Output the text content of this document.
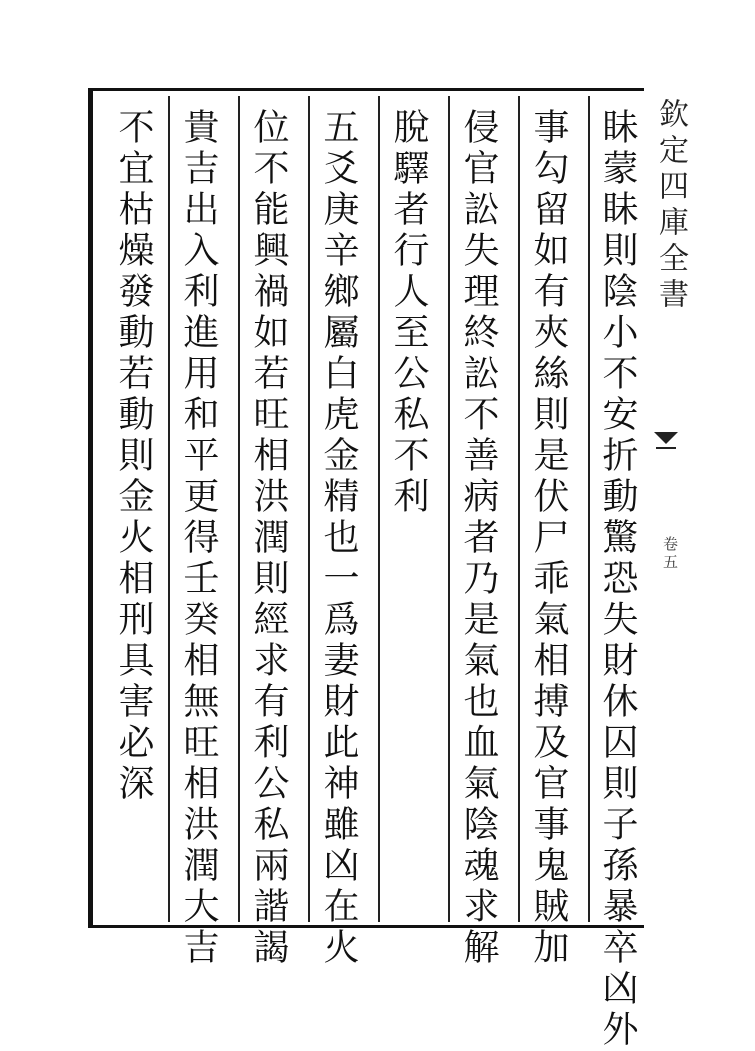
眛蒙眛則陰小不安折動驚恐失財休囚則子孫暴卒凶外
事勾留如有夾絲則是伏尸乖氣相搏及官事鬼賊加
侵官訟失理終訟不善病者乃是氣也血氣陰魂求解
脫驛者行人至公私不利
五爻庚辛鄉屬白虎金精也一爲妻財此神雖凶在火
位不能興禍如若旺相洪潤則經求有利公私兩諧謁
貴吉出入利進用和平更得壬癸相無旺相洪潤大吉
不宜枯燥發動若動則金火相刑具害必深	欽定四庫全書
卷五
